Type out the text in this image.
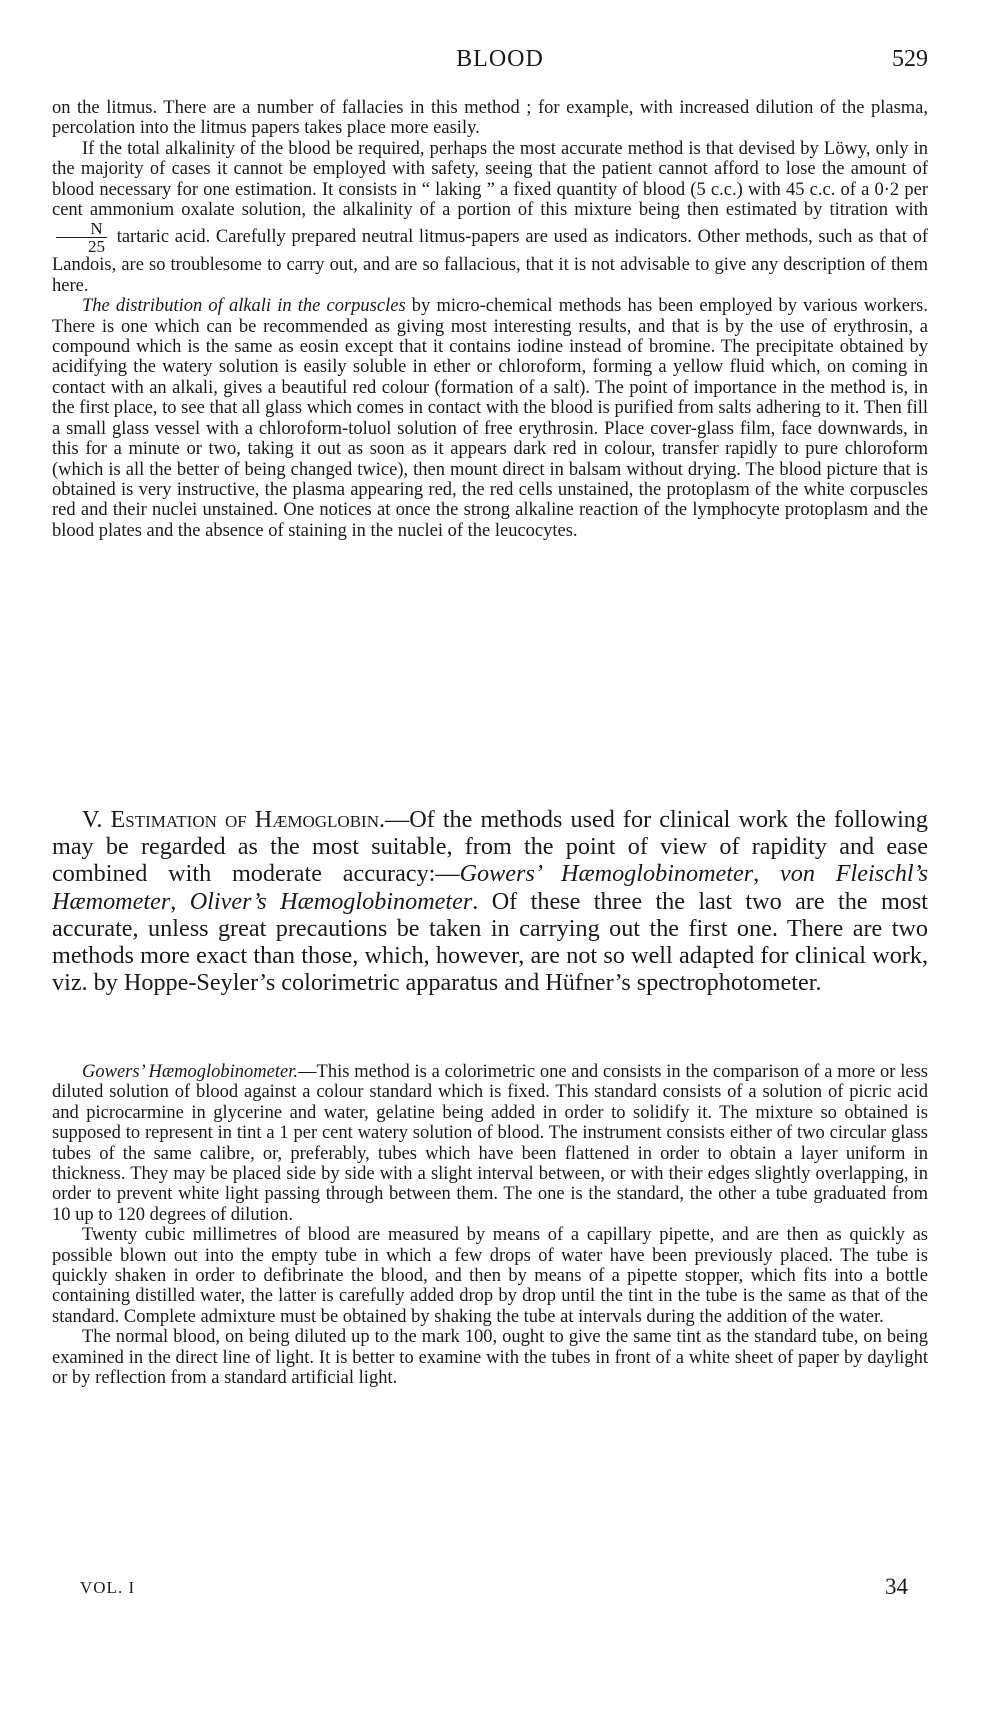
BLOOD	529

on the litmus. There are a number of fallacies in this method ; for example, with increased dilution of the plasma, percolation into the litmus papers takes place more easily.

If the total alkalinity of the blood be required, perhaps the most accurate method is that devised by Löwy, only in the majority of cases it cannot be employed with safety, seeing that the patient cannot afford to lose the amount of blood necessary for one estimation. It consists in “ laking ” a fixed quantity of blood (5 c.c.) with 45 c.c. of a 0·2 per cent ammonium oxalate solution, the alkalinity of a portion of this mixture being then estimated by titration with
$\frac{N}{25}$ tartaric acid. Carefully prepared neutral litmus-papers are used as indicators. Other methods, such as that of Landois, are so troublesome to carry out, and are so fallacious, that it is not advisable to give any description of them here.

The distribution of alkali in the corpuscles by micro-chemical methods has been employed by various workers. There is one which can be recommended as giving most interesting results, and that is by the use of erythrosin, a compound which is the same as eosin except that it contains iodine instead of bromine. The precipitate obtained by acidifying the watery solution is easily soluble in ether or chloroform, forming a yellow fluid which, on coming in contact with an alkali, gives a beautiful red colour (formation of a salt). The point of importance in the method is, in the first place, to see that all glass which comes in contact with the blood is purified from salts adhering to it. Then fill a small glass vessel with a chloroform-toluol solution of free erythrosin. Place cover-glass film, face downwards, in this for a minute or two, taking it out as soon as it appears dark red in colour, transfer rapidly to pure chloroform (which is all the better of being changed twice), then mount direct in balsam without drying. The blood picture that is obtained is very instructive, the plasma appearing red, the red cells unstained, the protoplasm of the white corpuscles red and their nuclei unstained. One notices at once the strong alkaline reaction of the lymphocyte protoplasm and the blood plates and the absence of staining in the nuclei of the leucocytes.

V. Estimation of Hæmoglobin.—Of the methods used for clinical work the following may be regarded as the most suitable, from the point of view of rapidity and ease combined with moderate accuracy:—Gowers’ Hæmoglobinometer, von Fleischl’s Hæmometer, Oliver’s Hæmoglobinometer. Of these three the last two are the most accurate, unless great precautions be taken in carrying out the first one. There are two methods more exact than those, which, however, are not so well adapted for clinical work, viz. by Hoppe-Seyler’s colorimetric apparatus and Hüfner’s spectrophotometer.

Gowers’ Hæmoglobinometer.—This method is a colorimetric one and consists in the comparison of a more or less diluted solution of blood against a colour standard which is fixed. This standard consists of a solution of picric acid and picrocarmine in glycerine and water, gelatine being added in order to solidify it. The mixture so obtained is supposed to represent in tint a 1 per cent watery solution of blood. The instrument consists either of two circular glass tubes of the same calibre, or, preferably, tubes which have been flattened in order to obtain a layer uniform in thickness. They may be placed side by side with a slight interval between, or with their edges slightly overlapping, in order to prevent white light passing through between them. The one is the standard, the other a tube graduated from 10 up to 120 degrees of dilution.

Twenty cubic millimetres of blood are measured by means of a capillary pipette, and are then as quickly as possible blown out into the empty tube in which a few drops of water have been previously placed. The tube is quickly shaken in order to defibrinate the blood, and then by means of a pipette stopper, which fits into a bottle containing distilled water, the latter is carefully added drop by drop until the tint in the tube is the same as that of the standard. Complete admixture must be obtained by shaking the tube at intervals during the addition of the water.

The normal blood, on being diluted up to the mark 100, ought to give the same tint as the standard tube, on being examined in the direct line of light. It is better to examine with the tubes in front of a white sheet of paper by daylight or by reflection from a standard artificial light.

VOL. I	34
